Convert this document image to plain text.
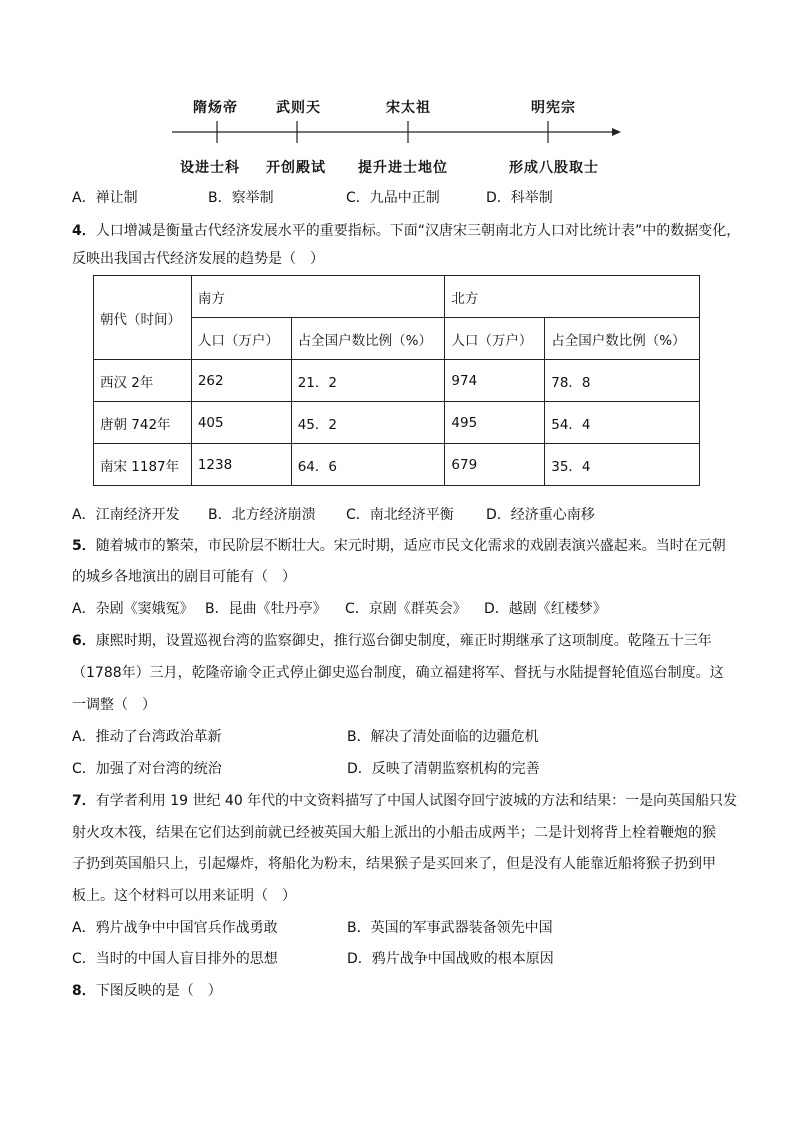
隋炀帝	武则天	宋太祖	明宪宗
设进士科 开创殿试 提升进士地位	形成八股取士
A．禅让制	B．察举制	C．九品中正制	D．科举制
4．人口增减是衡量古代经济发展水平的重要指标。下面“汉唐宋三朝南北方人口对比统计表”中的数据变化，
反映出我国古代经济发展的趋势是（　）
朝代（时间）	南方		北方	
	人口（万户）	占全国户数比例（%）	人口（万户）	占全国户数比例（%）
西汉 2年	262	21．2	974	78．8
唐朝 742年	405	45．2	495	54．4
南宋 1187年	1238	64．6	679	35．4
A．江南经济开发 B．北方经济崩溃 C．南北经济平衡 D．经济重心南移
5．随着城市的繁荣，市民阶层不断壮大。宋元时期，适应市民文化需求的戏剧表演兴盛起来。当时在元朝
的城乡各地演出的剧目可能有（　）
A．杂剧《窦娥冤》 B．昆曲《牡丹亭》 C．京剧《群英会》 D．越剧《红楼梦》
6．康熙时期，设置巡视台湾的监察御史，推行巡台御史制度，雍正时期继承了这项制度。乾隆五十三年
（1788年）三月，乾隆帝谕令正式停止御史巡台制度，确立福建将军、督抚与水陆提督轮值巡台制度。这
一调整（　）
A．推动了台湾政治革新	B．解决了清处面临的边疆危机
C．加强了对台湾的统治	D．反映了清朝监察机构的完善
7．有学者利用 19 世纪 40 年代的中文资料描写了中国人试图夺回宁波城的方法和结果：一是向英国船只发
射火攻木筏，结果在它们达到前就已经被英国大船上派出的小船击成两半；二是计划将背上栓着鞭炮的猴
子扔到英国船只上，引起爆炸，将船化为粉末，结果猴子是买回来了，但是没有人能靠近船将猴子扔到甲
板上。这个材料可以用来证明（　）
A．鸦片战争中中国官兵作战勇敢	B．英国的军事武器装备领先中国
C．当时的中国人盲目排外的思想	D．鸦片战争中国战败的根本原因
8．下图反映的是（　）
